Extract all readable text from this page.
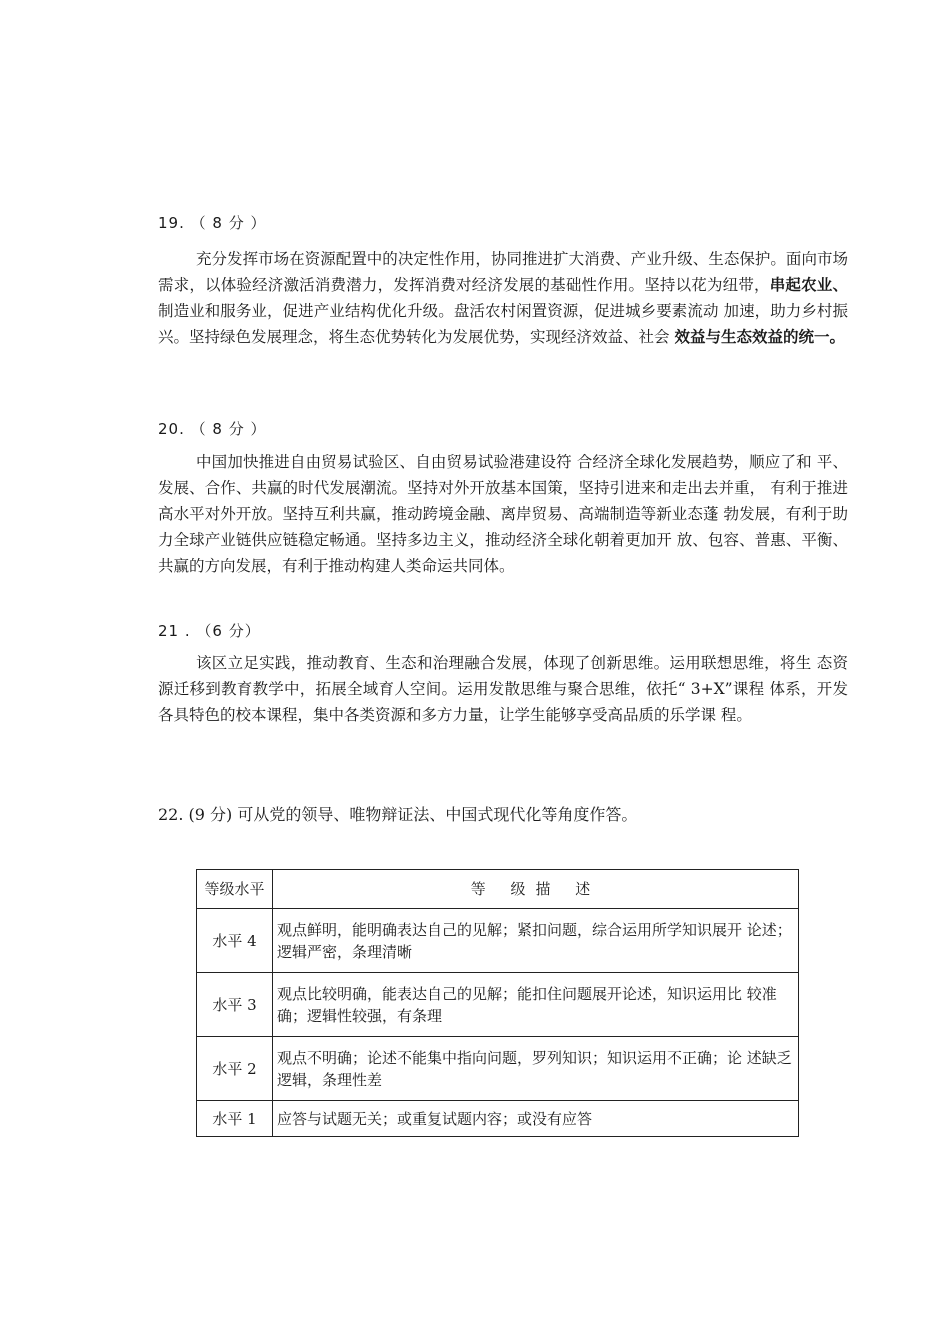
19. （ 8 分 ）

充分发挥市场在资源配置中的决定性作用，协同推进扩大消费、产业升级、生态保护。面向市场需求，以体验经济激活消费潜力，发挥消费对经济发展的基础性作用。坚持以花为纽带，串起农业、制造业和服务业，促进产业结构优化升级。盘活农村闲置资源，促进城乡要素流动 加速，助力乡村振兴。坚持绿色发展理念，将生态优势转化为发展优势，实现经济效益、社会 效益与生态效益的统一。

20. （ 8 分 ）

中国加快推进自由贸易试验区、自由贸易试验港建设符 合经济全球化发展趋势，顺应了和 平、发展、合作、共赢的时代发展潮流。坚持对外开放基本国策，坚持引进来和走出去并重， 有利于推进高水平对外开放。坚持互利共赢，推动跨境金融、离岸贸易、高端制造等新业态蓬 勃发展，有利于助力全球产业链供应链稳定畅通。坚持多边主义，推动经济全球化朝着更加开 放、包容、普惠、平衡、共赢的方向发展，有利于推动构建人类命运共同体。

21 . （6 分）

该区立足实践，推动教育、生态和治理融合发展，体现了创新思维。运用联想思维，将生 态资源迁移到教育教学中，拓展全域育人空间。运用发散思维与聚合思维，依托“ 3+X”课程 体系，开发各具特色的校本课程，集中各类资源和多方力量，让学生能够享受高品质的乐学课 程。

22. (9 分) 可从党的领导、唯物辩证法、中国式现代化等角度作答。
等级水平	等 级描 述
水平 4	观点鲜明，能明确表达自己的见解；紧扣问题，综合运用所学知识展开 论述；逻辑严密，条理清晰
水平 3	观点比较明确，能表达自己的见解；能扣住问题展开论述，知识运用比 较准确；逻辑性较强，有条理
水平 2	观点不明确；论述不能集中指向问题，罗列知识；知识运用不正确；论 述缺乏逻辑，条理性差
水平 1	应答与试题无关；或重复试题内容；或没有应答
